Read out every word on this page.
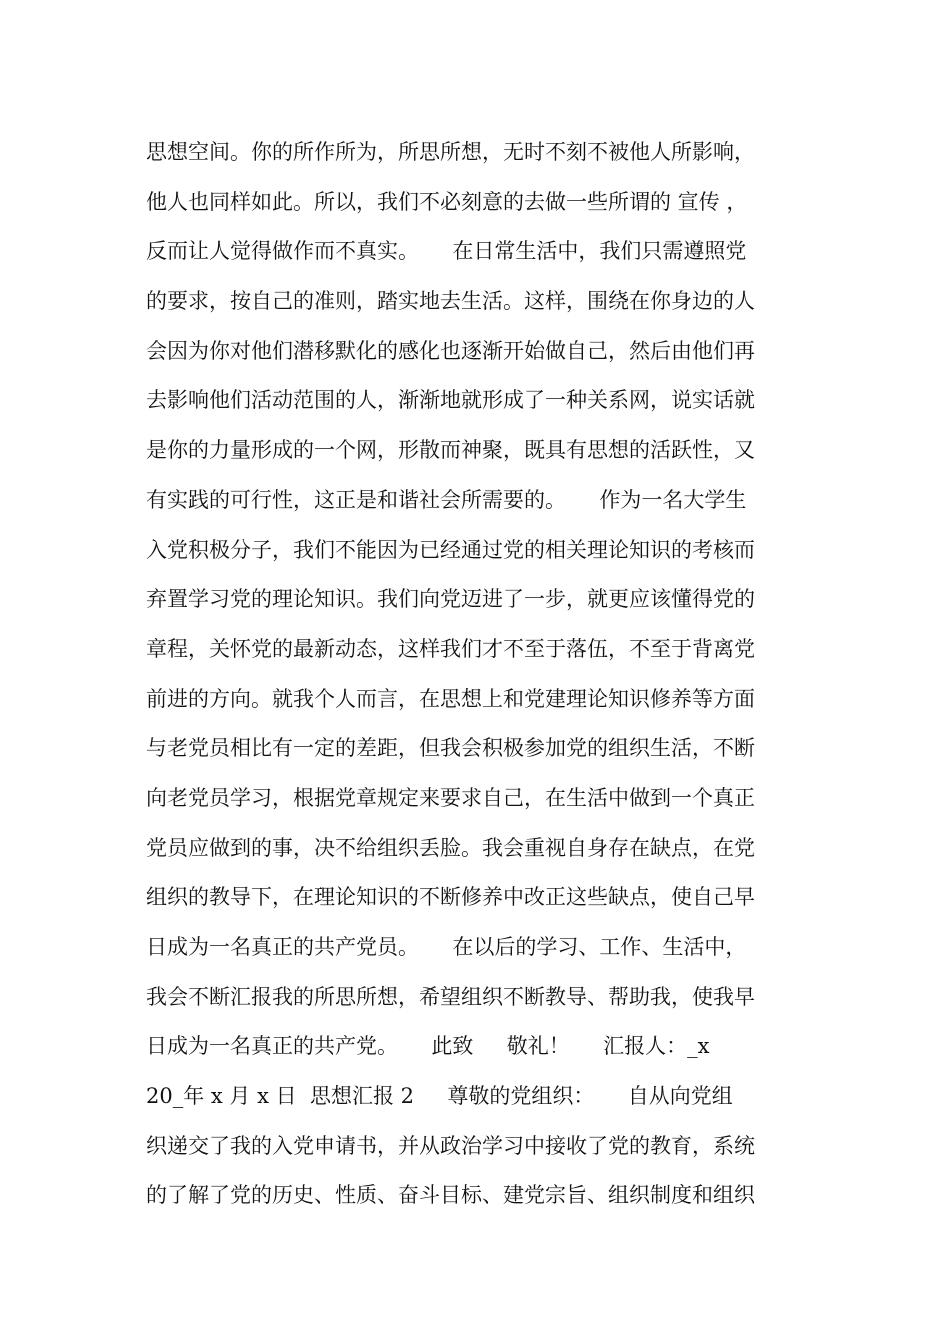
思想空间。你的所作所为，所思所想，无时不刻不被他人所影响，
他人也同样如此。所以，我们不必刻意的去做一些所谓的 宣传 ，
反而让人觉得做作而不真实。     在日常生活中，我们只需遵照党
的要求，按自己的准则，踏实地去生活。这样，围绕在你身边的人
会因为你对他们潜移默化的感化也逐渐开始做自己，然后由他们再
去影响他们活动范围的人，渐渐地就形成了一种关系网，说实话就
是你的力量形成的一个网，形散而神聚，既具有思想的活跃性，又
有实践的可行性，这正是和谐社会所需要的。     作为一名大学生
入党积极分子，我们不能因为已经通过党的相关理论知识的考核而
弃置学习党的理论知识。我们向党迈进了一步，就更应该懂得党的
章程，关怀党的最新动态，这样我们才不至于落伍，不至于背离党
前进的方向。就我个人而言，在思想上和党建理论知识修养等方面
与老党员相比有一定的差距，但我会积极参加党的组织生活，不断
向老党员学习，根据党章规定来要求自己，在生活中做到一个真正
党员应做到的事，决不给组织丢脸。我会重视自身存在缺点，在党
组织的教导下，在理论知识的不断修养中改正这些缺点，使自己早
日成为一名真正的共产党员。     在以后的学习、工作、生活中，
我会不断汇报我的所思所想，希望组织不断教导、帮助我，使我早
日成为一名真正的共产党。     此致     敬礼！     汇报人：_x
20_年 x 月 x 日  思想汇报 2     尊敬的党组织：     自从向党组
织递交了我的入党申请书，并从政治学习中接收了党的教育，系统
的了解了党的历史、性质、奋斗目标、建党宗旨、组织制度和组织
